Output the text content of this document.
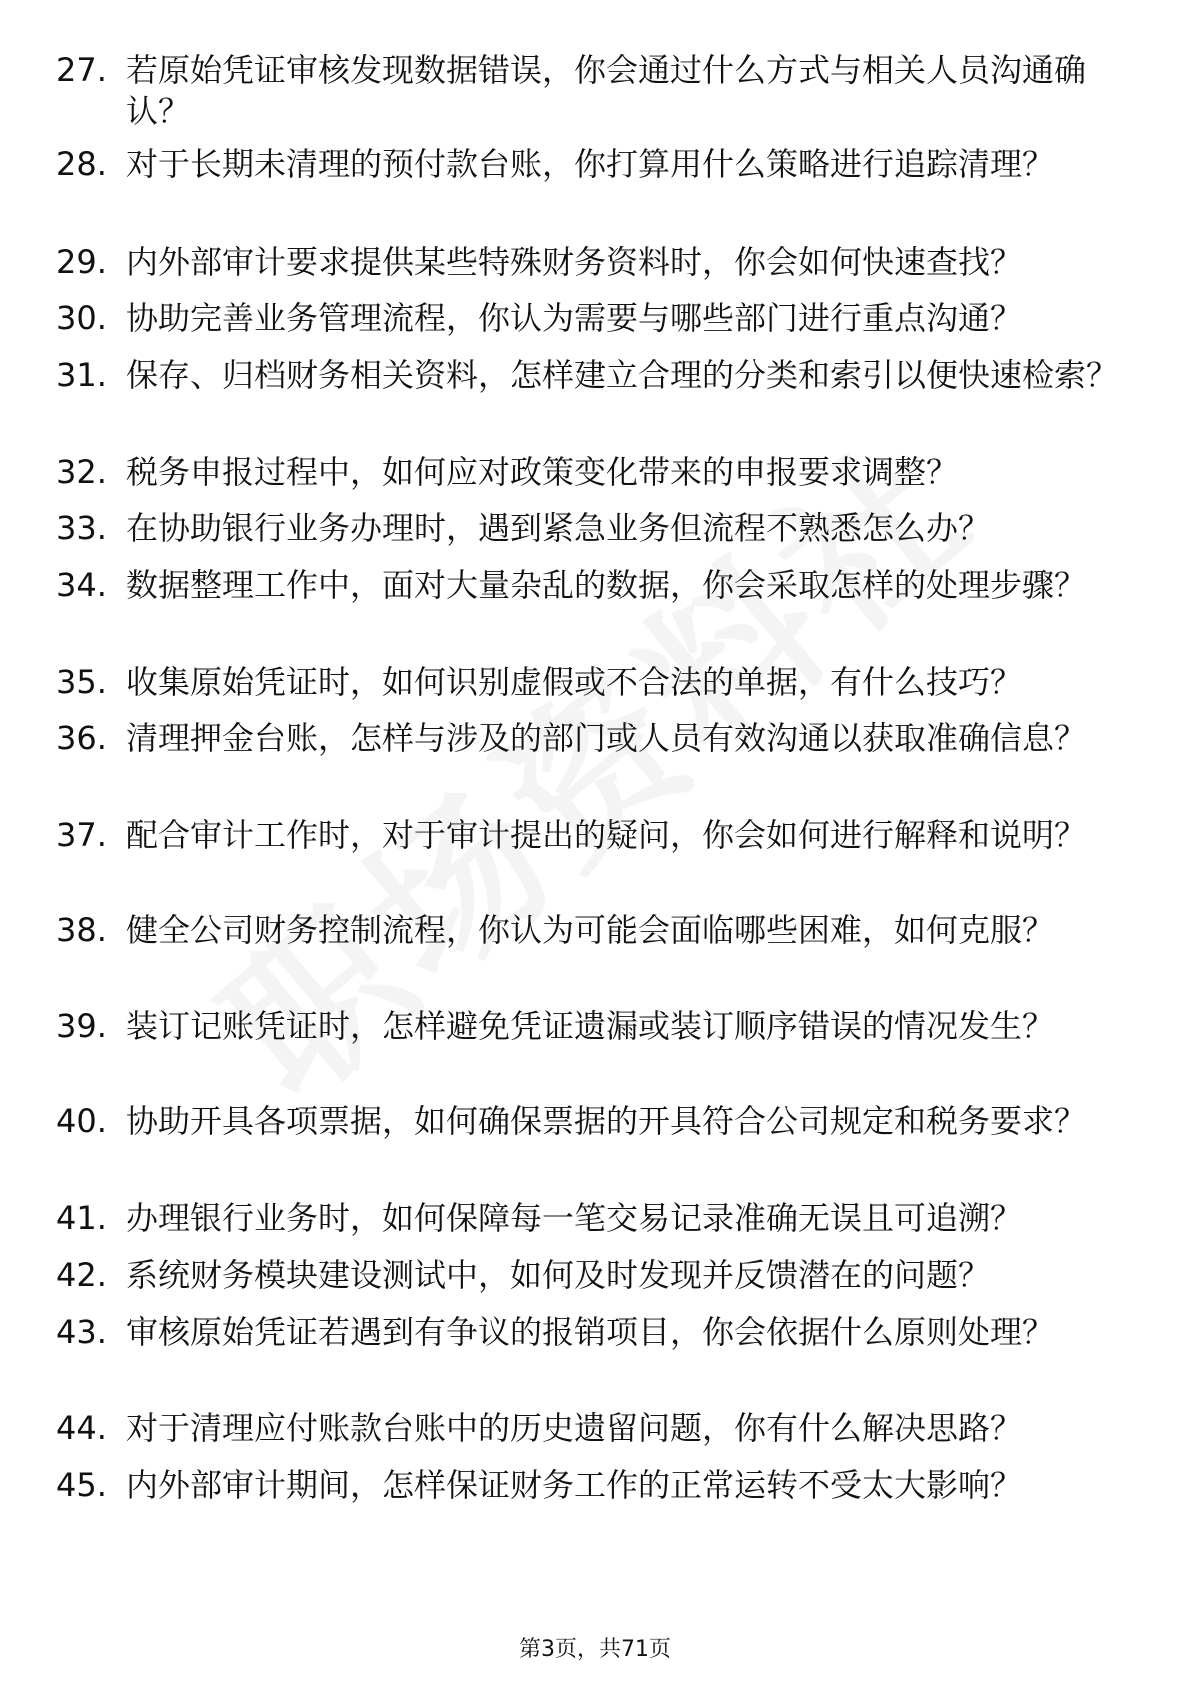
27. 若原始凭证审核发现数据错误，你会通过什么方式与相关人员沟通确认？
28. 对于长期未清理的预付款台账，你打算用什么策略进行追踪清理？
29. 内外部审计要求提供某些特殊财务资料时，你会如何快速查找？
30. 协助完善业务管理流程，你认为需要与哪些部门进行重点沟通？
31. 保存、归档财务相关资料，怎样建立合理的分类和索引以便快速检索？
32. 税务申报过程中，如何应对政策变化带来的申报要求调整？
33. 在协助银行业务办理时，遇到紧急业务但流程不熟悉怎么办？
34. 数据整理工作中，面对大量杂乱的数据，你会采取怎样的处理步骤？
35. 收集原始凭证时，如何识别虚假或不合法的单据，有什么技巧？
36. 清理押金台账，怎样与涉及的部门或人员有效沟通以获取准确信息？
37. 配合审计工作时，对于审计提出的疑问，你会如何进行解释和说明？
38. 健全公司财务控制流程，你认为可能会面临哪些困难，如何克服？
39. 装订记账凭证时，怎样避免凭证遗漏或装订顺序错误的情况发生？
40. 协助开具各项票据，如何确保票据的开具符合公司规定和税务要求？
41. 办理银行业务时，如何保障每一笔交易记录准确无误且可追溯？
42. 系统财务模块建设测试中，如何及时发现并反馈潜在的问题？
43. 审核原始凭证若遇到有争议的报销项目，你会依据什么原则处理？
44. 对于清理应付账款台账中的历史遗留问题，你有什么解决思路？
45. 内外部审计期间，怎样保证财务工作的正常运转不受太大影响？
第3页，共71页
